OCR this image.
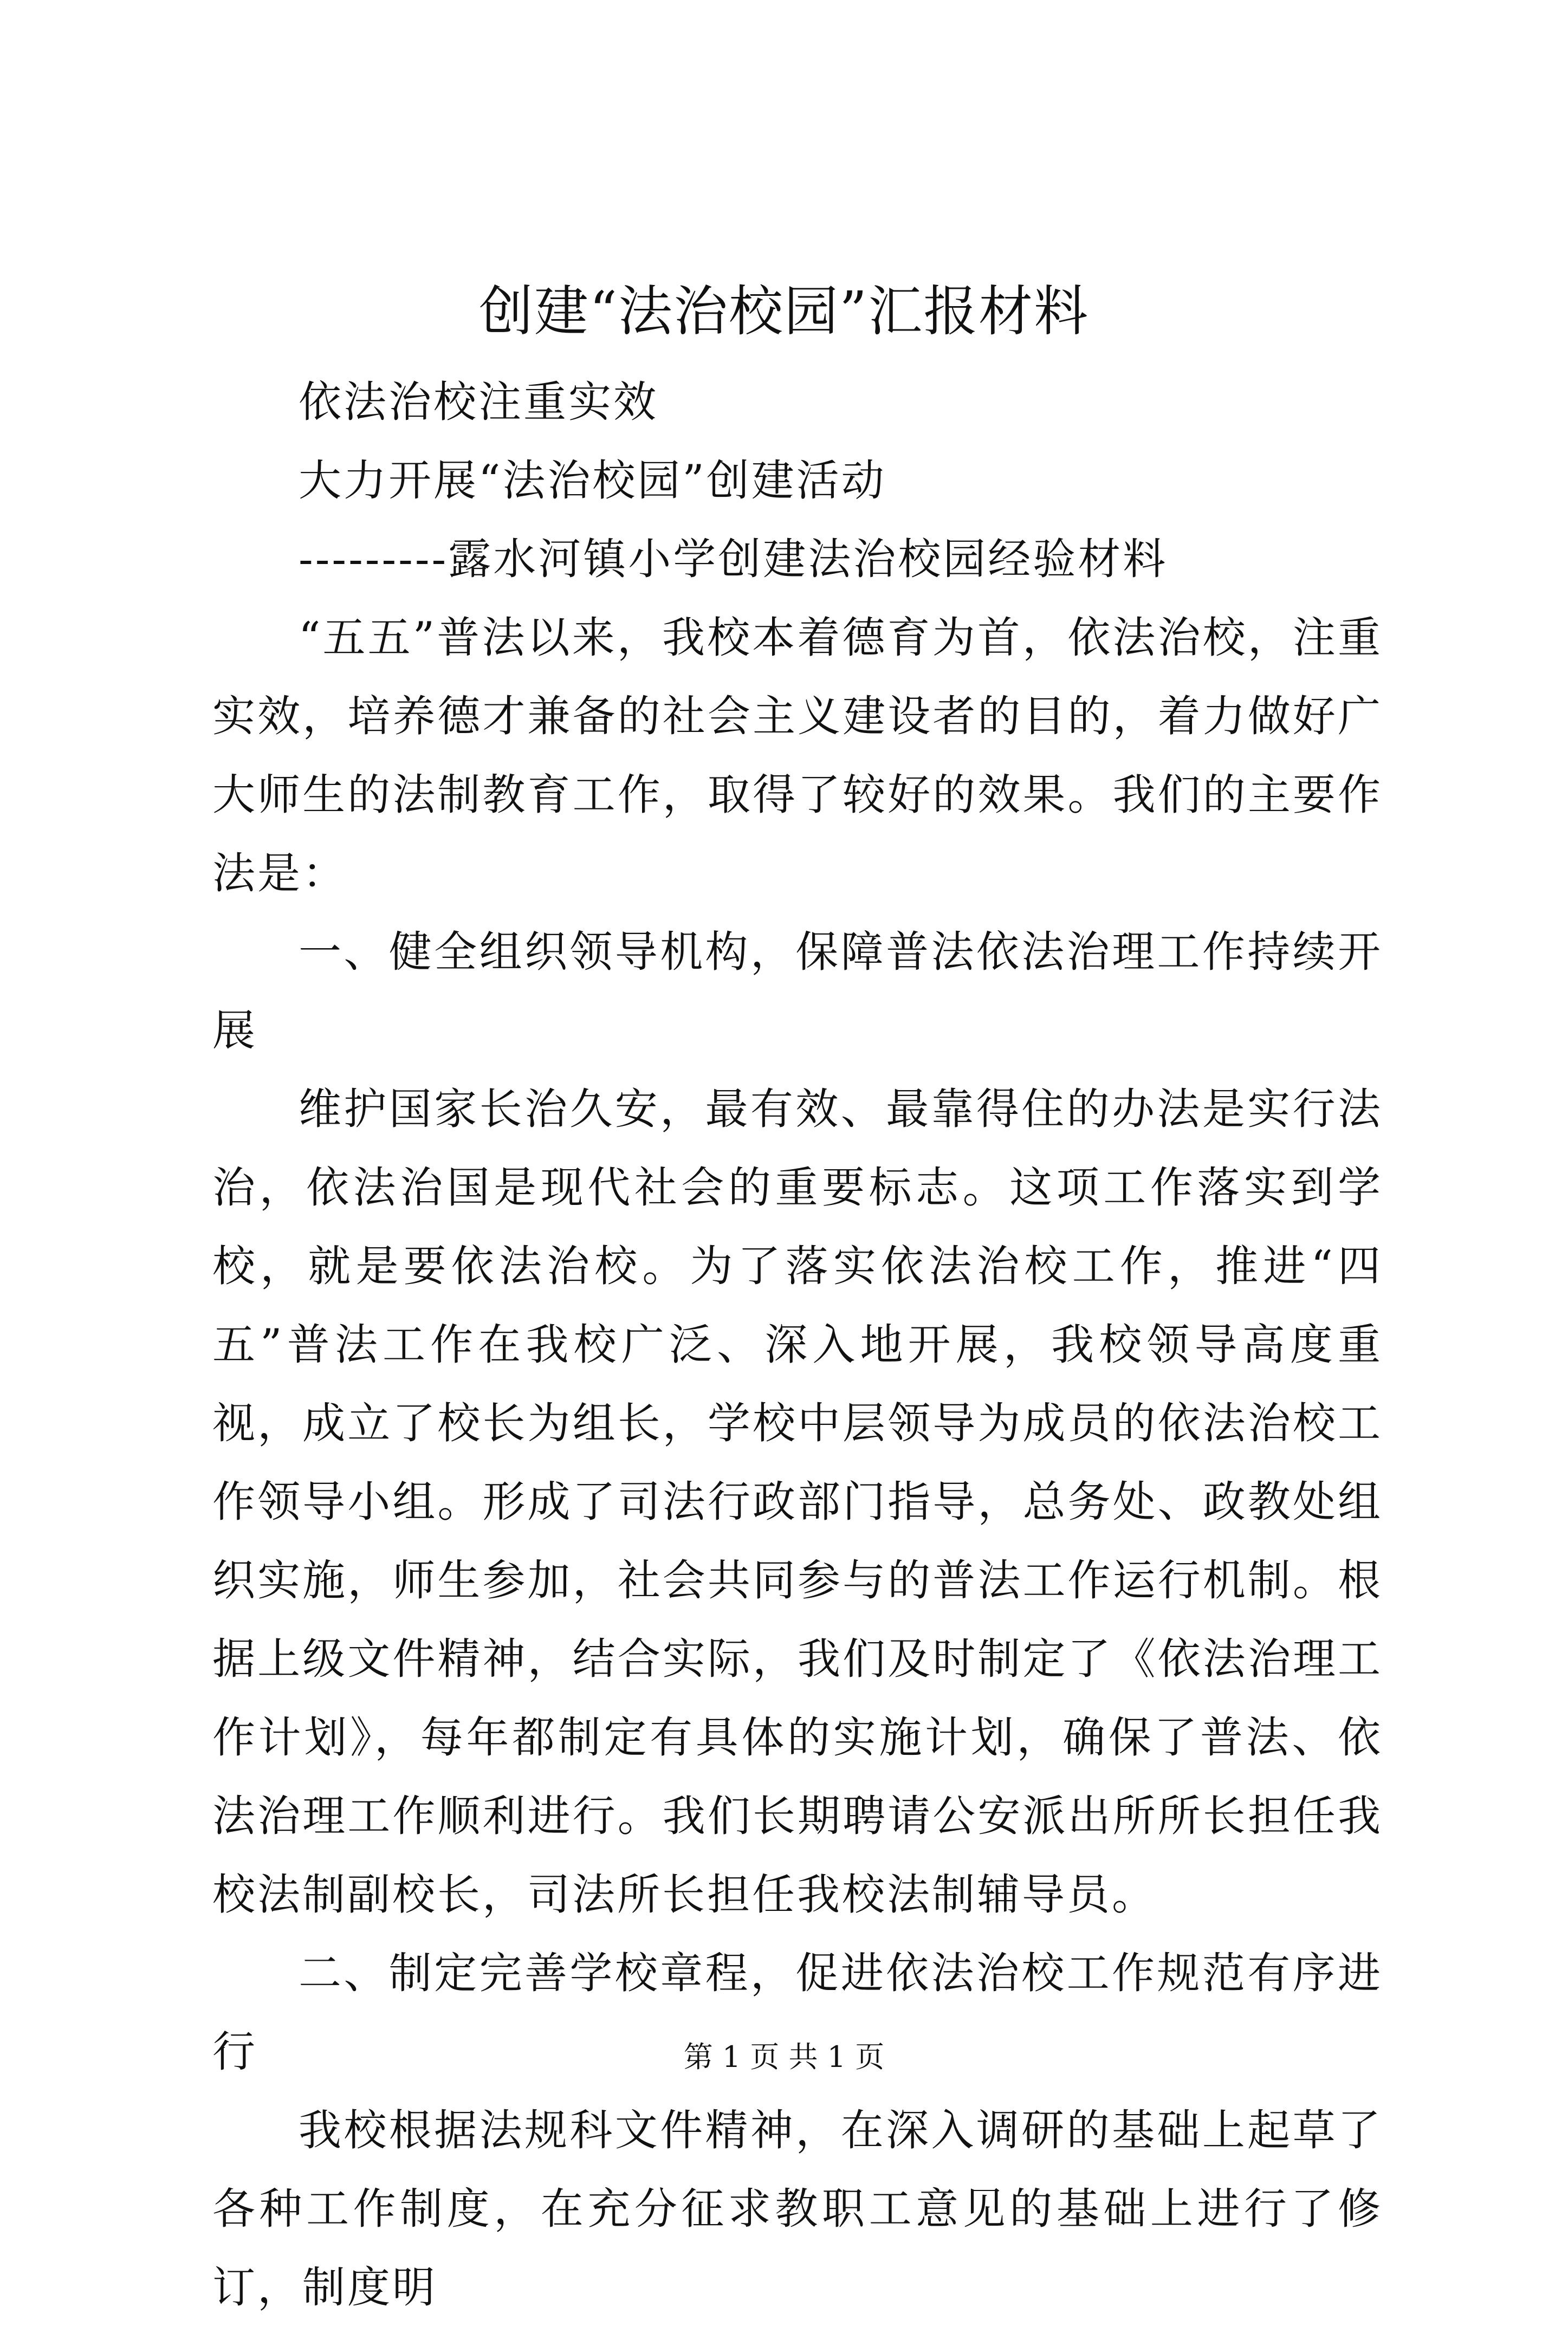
创建“法治校园”汇报材料
依法治校注重实效
大力开展“法治校园”创建活动
---------露水河镇小学创建法治校园经验材料

“五五”普法以来，我校本着德育为首，依法治校，注重实效，培养德才兼备的社会主义建设者的目的，着力做好广大师生的法制教育工作，取得了较好的效果。我们的主要作法是：

一、健全组织领导机构，保障普法依法治理工作持续开展

维护国家长治久安，最有效、最靠得住的办法是实行法治，依法治国是现代社会的重要标志。这项工作落实到学校，就是要依法治校。为了落实依法治校工作，推进“四五”普法工作在我校广泛、深入地开展，我校领导高度重视，成立了校长为组长，学校中层领导为成员的依法治校工作领导小组。形成了司法行政部门指导，总务处、政教处组织实施，师生参加，社会共同参与的普法工作运行机制。根据上级文件精神，结合实际，我们及时制定了《依法治理工作计划》，每年都制定有具体的实施计划，确保了普法、依法治理工作顺利进行。我们长期聘请公安派出所所长担任我校法制副校长，司法所长担任我校法制辅导员。

二、制定完善学校章程，促进依法治校工作规范有序进行

我校根据法规科文件精神，在深入调研的基础上起草了各种工作制度，在充分征求教职工意见的基础上进行了修订，制度明

第 1 页 共 1 页
